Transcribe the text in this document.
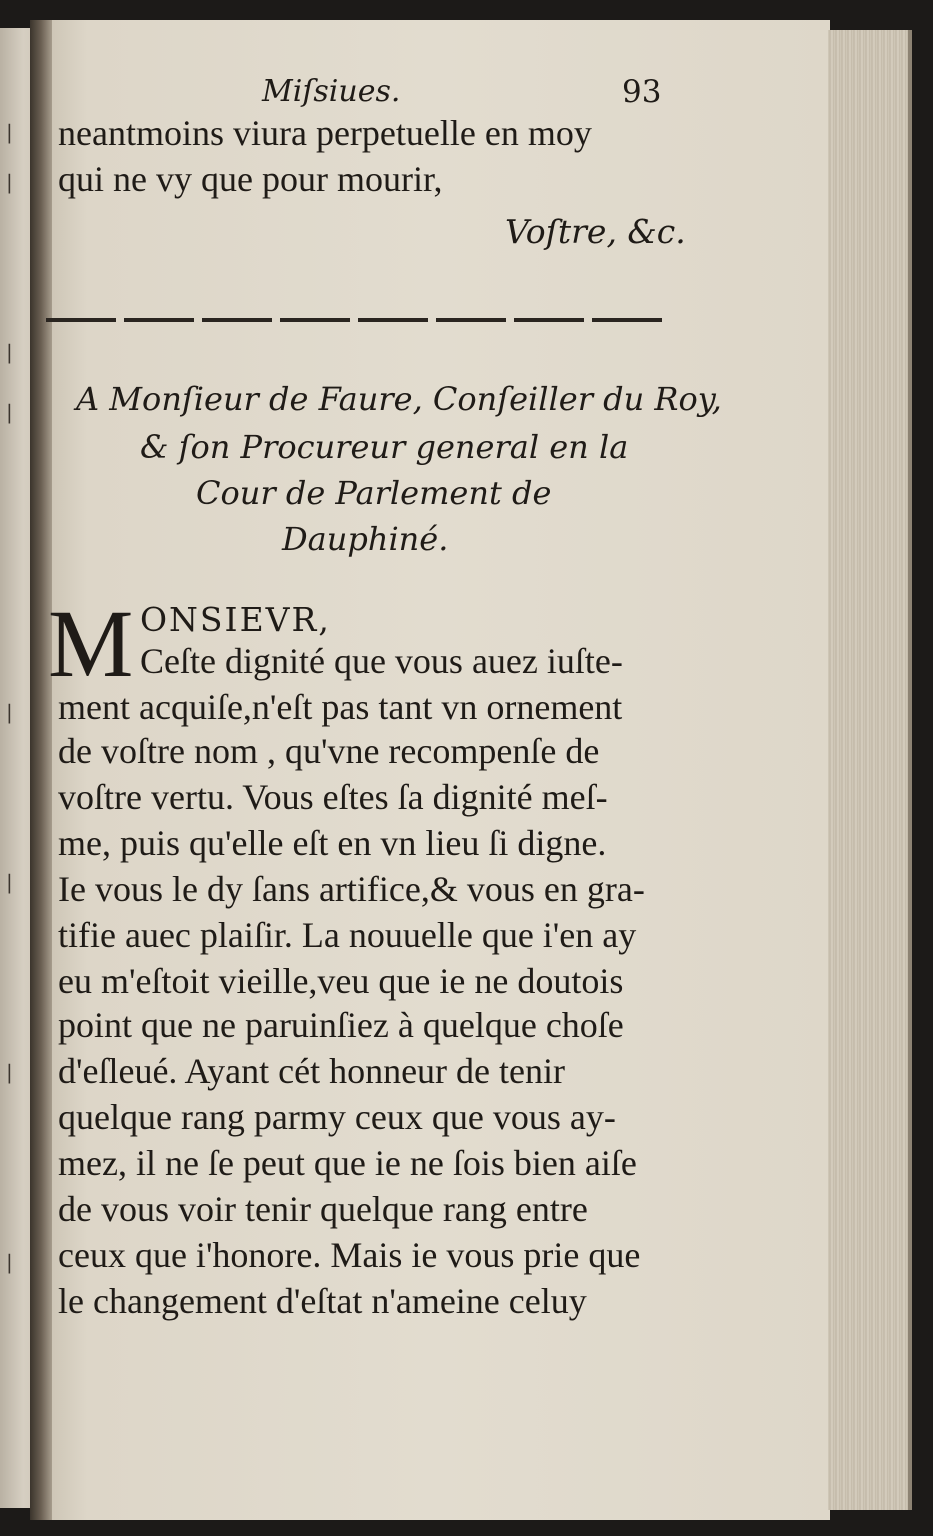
|
|
|
|
|
|
|
|
Miſsiues.	93
neantmoins viura perpetuelle en moy
qui ne vy que pour mourir,
Voſtre, &c.
A Monſieur de Faure, Conſeiller du Roy,
& ſon Procureur general en la
Cour de Parlement de
Dauphiné.
M ONSIEVR,
Ceſte dignité que vous auez iuſte-
ment acquiſe,n'eſt pas tant vn ornement
de voſtre nom , qu'vne recompenſe de
voſtre vertu. Vous eſtes ſa dignité meſ-
me, puis qu'elle eſt en vn lieu ſi digne.
Ie vous le dy ſans artifice,& vous en gra-
tifie auec plaiſir. La nouuelle que i'en ay
eu m'eſtoit vieille,veu que ie ne doutois
point que ne paruinſiez à quelque choſe
d'eſleué. Ayant cét honneur de tenir
quelque rang parmy ceux que vous ay-
mez, il ne ſe peut que ie ne ſois bien aiſe
de vous voir tenir quelque rang entre
ceux que i'honore. Mais ie vous prie que
le changement d'eſtat n'ameine celuy
